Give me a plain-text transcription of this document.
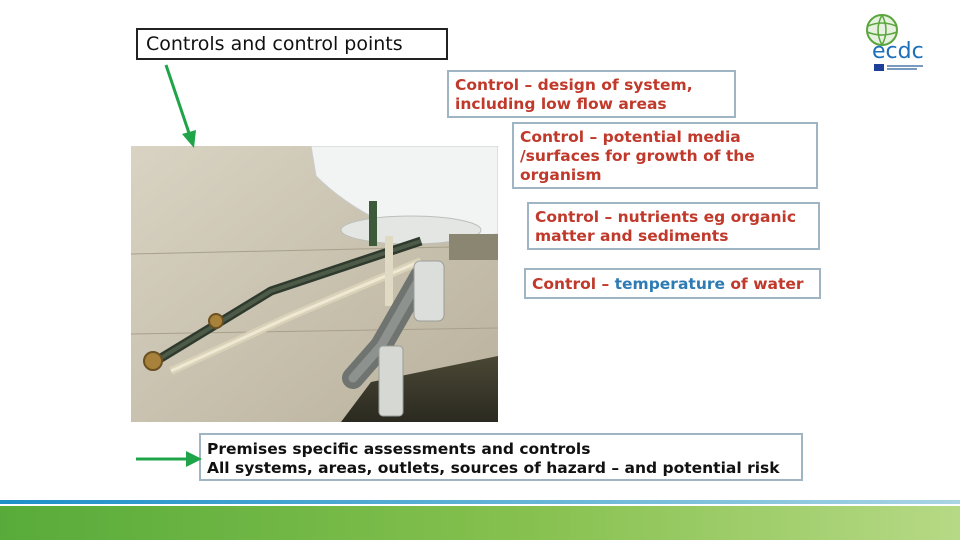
Controls and control points	ecdc
Control – design of system, including low flow areas
Control – potential media /surfaces for growth of the organism
Control – nutrients eg organic matter and sediments
Control – temperature of water
Premises specific assessments and controls
All systems, areas, outlets, sources of hazard – and potential risk
